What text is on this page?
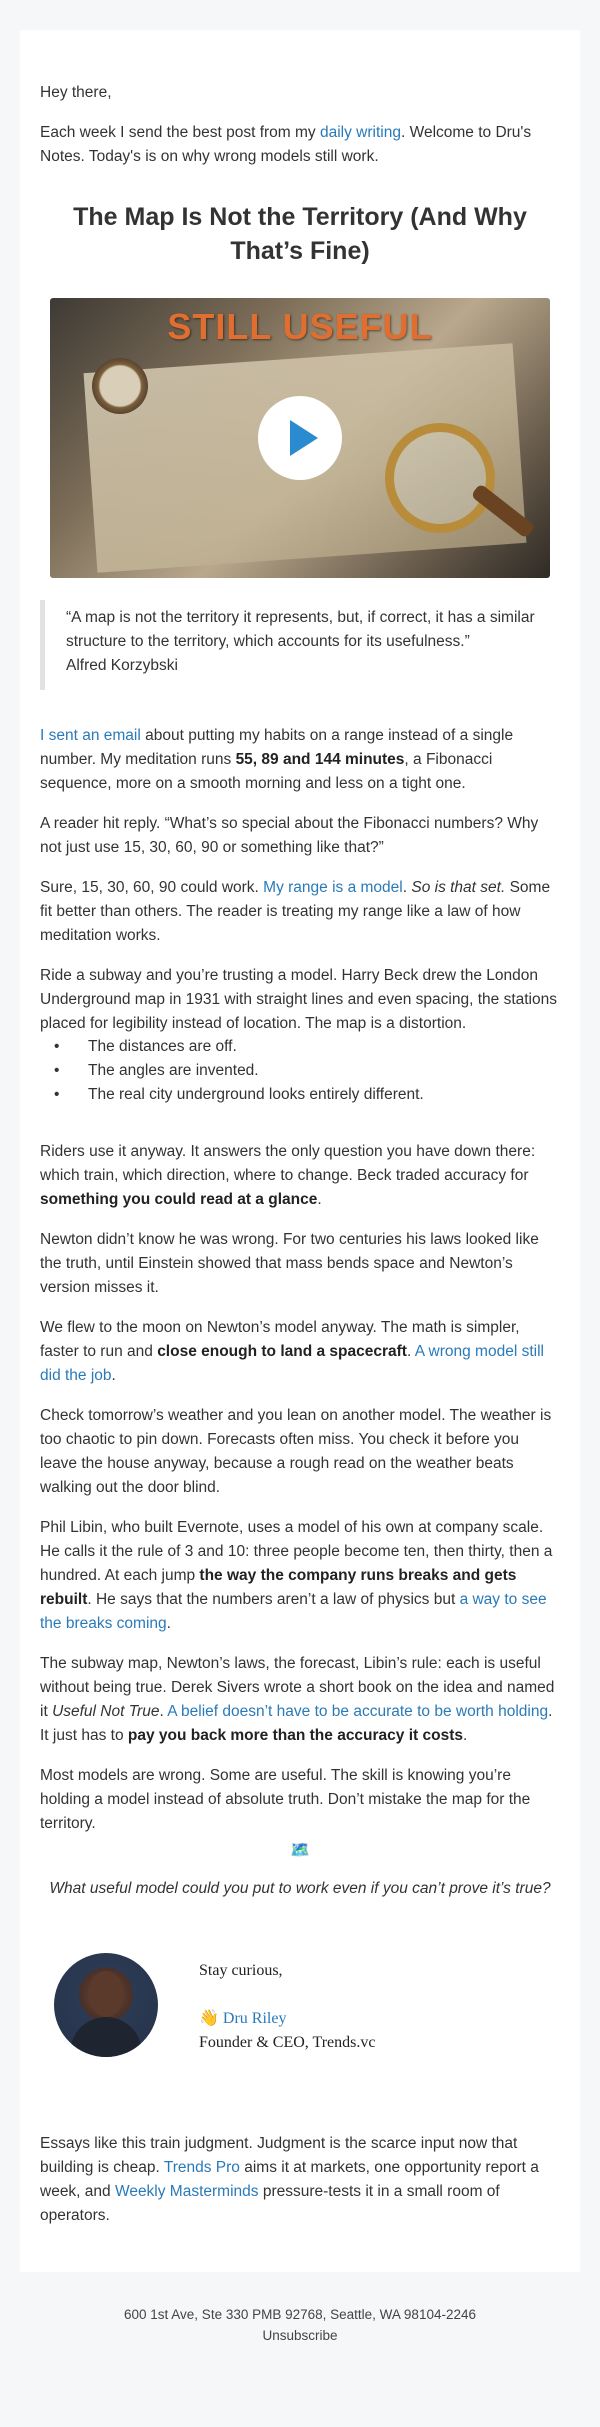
Hey there,

Each week I send the best post from my daily writing. Welcome to Dru's Notes. Today's is on why wrong models still work.

The Map Is Not the Territory (And Why That’s Fine)
STILL USEFUL

“A map is not the territory it represents, but, if correct, it has a similar structure to the territory, which accounts for its usefulness.”

Alfred Korzybski

I sent an email about putting my habits on a range instead of a single number. My meditation runs 55, 89 and 144 minutes, a Fibonacci sequence, more on a smooth morning and less on a tight one.

A reader hit reply. “What’s so special about the Fibonacci numbers? Why not just use 15, 30, 60, 90 or something like that?”

Sure, 15, 30, 60, 90 could work. My range is a model. So is that set. Some fit better than others. The reader is treating my range like a law of how meditation works.

Ride a subway and you’re trusting a model. Harry Beck drew the London Underground map in 1931 with straight lines and even spacing, the stations placed for legibility instead of location. The map is a distortion.

• The distances are off.
• The angles are invented.
• The real city underground looks entirely different.

Riders use it anyway. It answers the only question you have down there: which train, which direction, where to change. Beck traded accuracy for something you could read at a glance.

Newton didn’t know he was wrong. For two centuries his laws looked like the truth, until Einstein showed that mass bends space and Newton’s version misses it.

We flew to the moon on Newton’s model anyway. The math is simpler, faster to run and close enough to land a spacecraft. A wrong model still did the job.

Check tomorrow’s weather and you lean on another model. The weather is too chaotic to pin down. Forecasts often miss. You check it before you leave the house anyway, because a rough read on the weather beats walking out the door blind.

Phil Libin, who built Evernote, uses a model of his own at company scale. He calls it the rule of 3 and 10: three people become ten, then thirty, then a hundred. At each jump the way the company runs breaks and gets rebuilt. He says that the numbers aren’t a law of physics but a way to see the breaks coming.

The subway map, Newton’s laws, the forecast, Libin’s rule: each is useful without being true. Derek Sivers wrote a short book on the idea and named it Useful Not True. A belief doesn’t have to be accurate to be worth holding. It just has to pay you back more than the accuracy it costs.

Most models are wrong. Some are useful. The skill is knowing you’re holding a model instead of absolute truth. Don’t mistake the map for the territory.

🗺️

What useful model could you put to work even if you can’t prove it’s true?

Stay curious,

👋 Dru Riley

Founder & CEO, Trends.vc

Essays like this train judgment. Judgment is the scarce input now that building is cheap. Trends Pro aims it at markets, one opportunity report a week, and Weekly Masterminds pressure-tests it in a small room of operators.

600 1st Ave, Ste 330 PMB 92768, Seattle, WA 98104-2246

Unsubscribe
